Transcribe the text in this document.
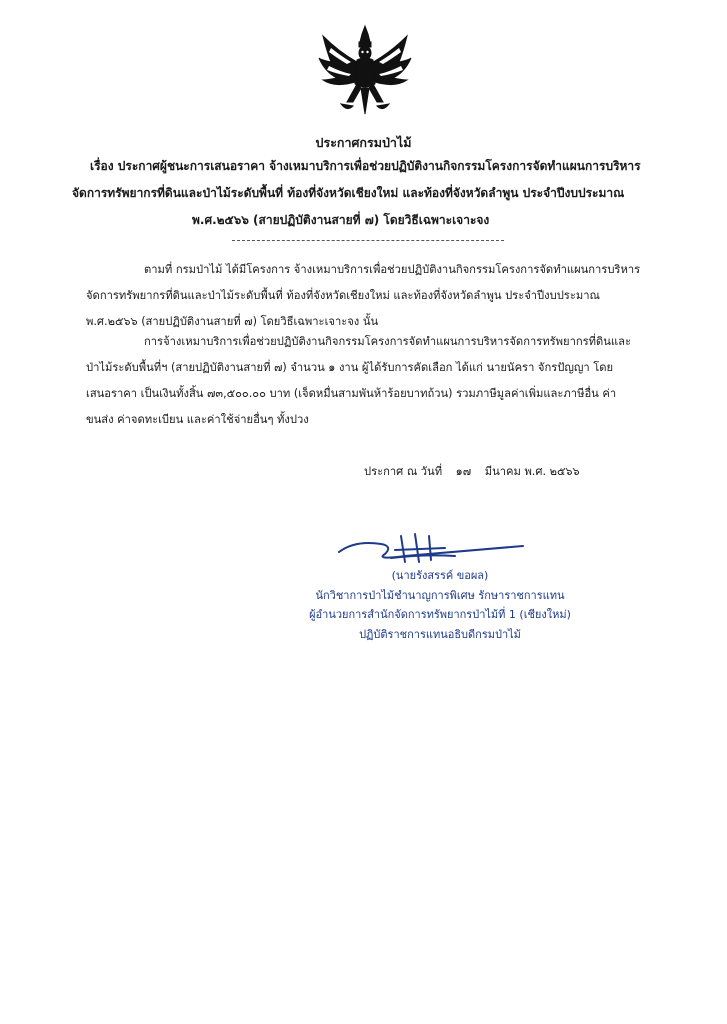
ประกาศกรมป่าไม้
เรื่อง ประกาศผู้ชนะการเสนอราคา จ้างเหมาบริการเพื่อช่วยปฏิบัติงานกิจกรรมโครงการจัดทำแผนการบริหาร
จัดการทรัพยากรที่ดินและป่าไม้ระดับพื้นที่ ท้องที่จังหวัดเชียงใหม่ และท้องที่จังหวัดลำพูน ประจำปีงบประมาณ
พ.ศ.๒๕๖๖ (สายปฏิบัติงานสายที่ ๗) โดยวิธีเฉพาะเจาะจง
ตามที่ กรมป่าไม้ ได้มีโครงการ จ้างเหมาบริการเพื่อช่วยปฏิบัติงานกิจกรรมโครงการจัดทำแผนการบริหาร
จัดการทรัพยากรที่ดินและป่าไม้ระดับพื้นที่ ท้องที่จังหวัดเชียงใหม่ และท้องที่จังหวัดลำพูน ประจำปีงบประมาณ
พ.ศ.๒๕๖๖ (สายปฏิบัติงานสายที่ ๗) โดยวิธีเฉพาะเจาะจง นั้น
การจ้างเหมาบริการเพื่อช่วยปฏิบัติงานกิจกรรมโครงการจัดทำแผนการบริหารจัดการทรัพยากรที่ดินและ
ป่าไม้ระดับพื้นที่ฯ (สายปฏิบัติงานสายที่ ๗) จำนวน ๑ งาน ผู้ได้รับการคัดเลือก ได้แก่ นายนัครา จักรปัญญา โดย
เสนอราคา เป็นเงินทั้งสิ้น ๗๓,๕๐๐.๐๐ บาท (เจ็ดหมื่นสามพันห้าร้อยบาทถ้วน) รวมภาษีมูลค่าเพิ่มและภาษีอื่น ค่า
ขนส่ง ค่าจดทะเบียน และค่าใช้จ่ายอื่นๆ ทั้งปวง
ประกาศ ณ วันที่ ๑๗ มีนาคม พ.ศ. ๒๕๖๖
(นายรังสรรค์ ขอผล)
นักวิชาการป่าไม้ชำนาญการพิเศษ รักษาราชการแทน
ผู้อำนวยการสำนักจัดการทรัพยากรป่าไม้ที่ 1 (เชียงใหม่)
ปฏิบัติราชการแทนอธิบดีกรมป่าไม้
